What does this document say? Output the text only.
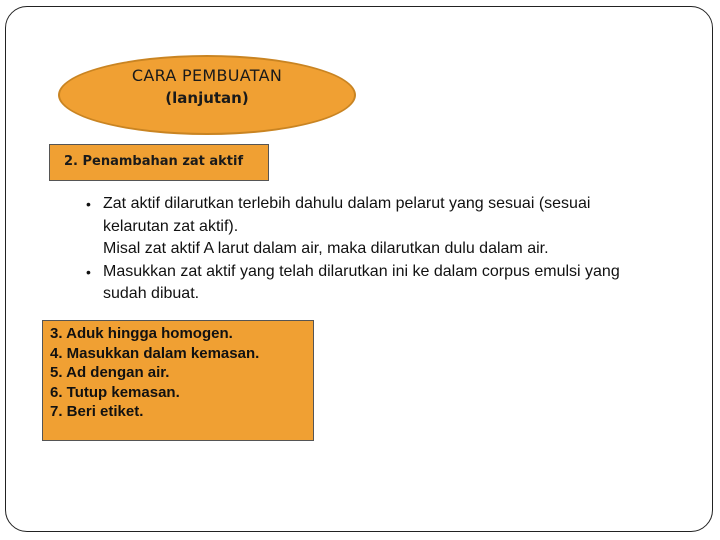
CARA PEMBUATAN
(lanjutan)
2. Penambahan zat aktif
• Zat aktif dilarutkan terlebih dahulu dalam pelarut yang sesuai (sesuai
kelarutan zat aktif).
Misal zat aktif A larut dalam air, maka dilarutkan dulu dalam air.
• Masukkan zat aktif yang telah dilarutkan ini ke dalam corpus emulsi yang
sudah dibuat.
3. Aduk hingga homogen.
4. Masukkan dalam kemasan.
5. Ad dengan air.
6. Tutup kemasan.
7. Beri etiket.
